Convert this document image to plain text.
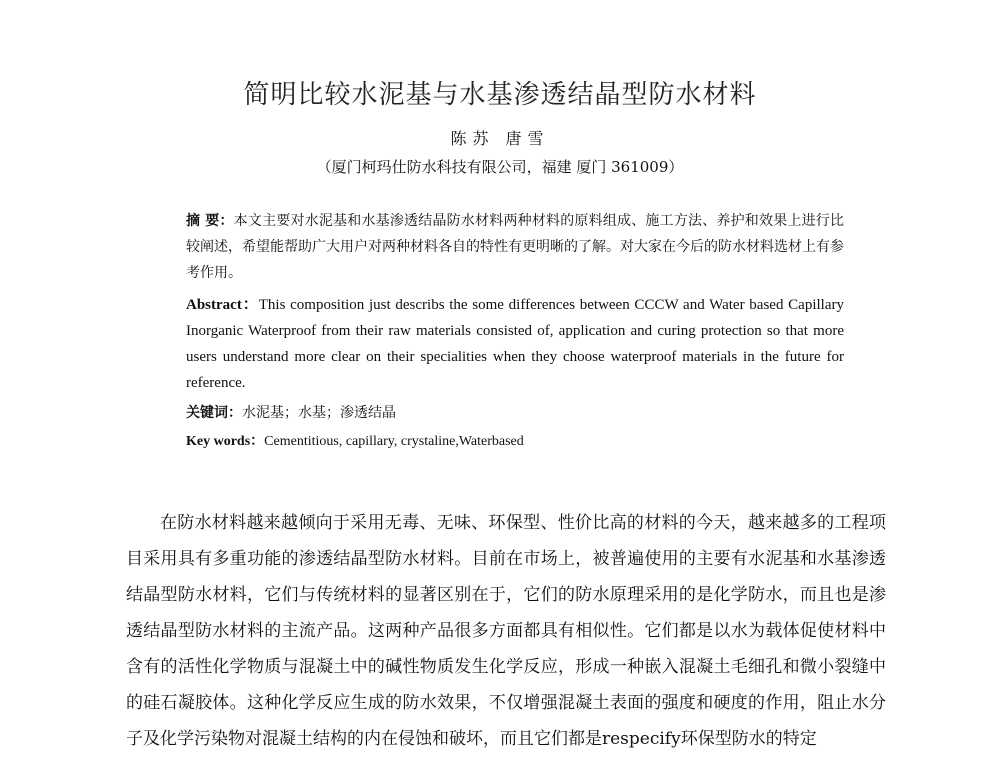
简明比较水泥基与水基渗透结晶型防水材料
陈苏 唐雪
（厦门柯玛仕防水科技有限公司，福建 厦门 361009）
摘 要：本文主要对水泥基和水基渗透结晶防水材料两种材料的原料组成、施工方法、养护和效果上进行比较阐述，希望能帮助广大用户对两种材料各自的特性有更明晰的了解。对大家在今后的防水材料选材上有参考作用。
Abstract：This composition just describs the some differences between CCCW and Water based Capillary Inorganic Waterproof from their raw materials consisted of, application and curing protection so that more users understand more clear on their specialities when they choose waterproof materials in the future for reference.
关键词：水泥基；水基；渗透结晶
Key words：Cementitious, capillary, crystaline,Waterbased

在防水材料越来越倾向于采用无毒、无味、环保型、性价比高的材料的今天，越来越多的工程项目采用具有多重功能的渗透结晶型防水材料。目前在市场上，被普遍使用的主要有水泥基和水基渗透结晶型防水材料，它们与传统材料的显著区别在于，它们的防水原理采用的是化学防水，而且也是渗透结晶型防水材料的主流产品。这两种产品很多方面都具有相似性。它们都是以水为载体促使材料中含有的活性化学物质与混凝土中的碱性物质发生化学反应，形成一种嵌入混凝土毛细孔和微小裂缝中的硅石凝胶体。这种化学反应生成的防水效果，不仅增强混凝土表面的强度和硬度的作用，阻止水分子及化学污染物对混凝土结构的内在侵蚀和破坏，而且它们都是respecify环保型防水的特定
